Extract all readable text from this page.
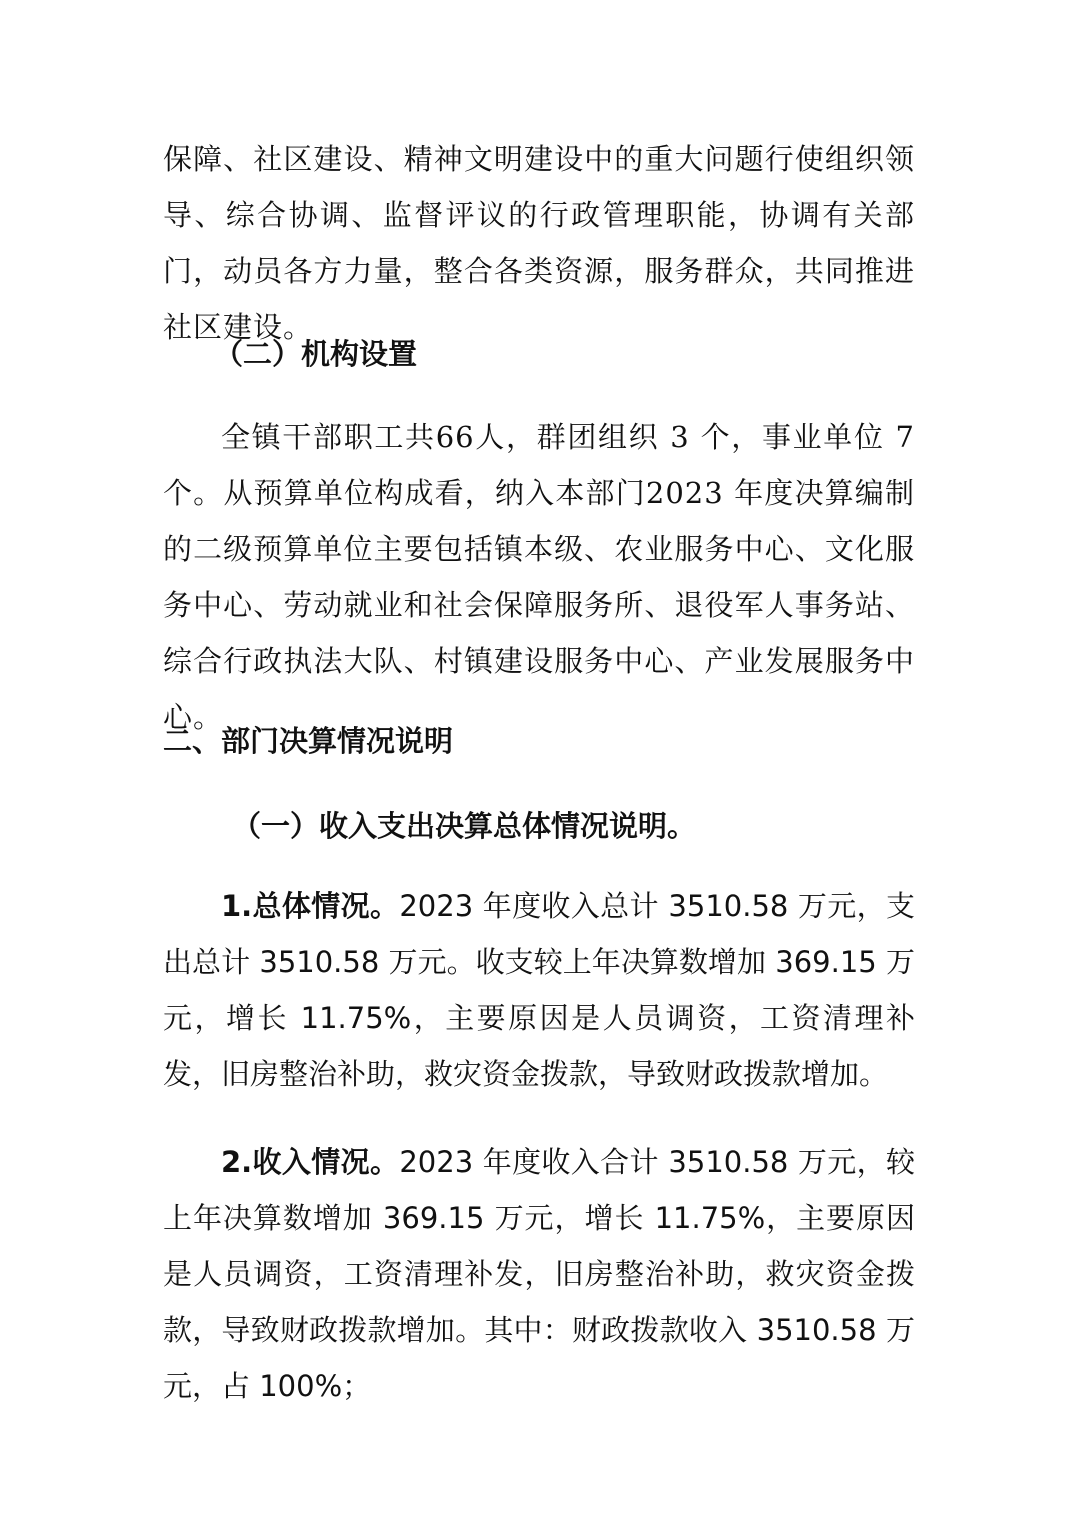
保障、社区建设、精神文明建设中的重大问题行使组织领导、综合协调、监督评议的行政管理职能，协调有关部门，动员各方力量，整合各类资源，服务群众，共同推进社区建设。

（二）机构设置

全镇干部职工共66人，群团组织 3 个，事业单位 7 个。从预算单位构成看，纳入本部门2023 年度决算编制的二级预算单位主要包括镇本级、农业服务中心、文化服务中心、劳动就业和社会保障服务所、退役军人事务站、综合行政执法大队、村镇建设服务中心、产业发展服务中心。

二、部门决算情况说明
（一）收入支出决算总体情况说明。

1.总体情况。2023 年度收入总计 3510.58 万元，支出总计 3510.58 万元。收支较上年决算数增加 369.15 万元，增长 11.75%，主要原因是人员调资，工资清理补发，旧房整治补助，救灾资金拨款，导致财政拨款增加。

2.收入情况。2023 年度收入合计 3510.58 万元，较上年决算数增加 369.15 万元，增长 11.75%，主要原因是人员调资，工资清理补发，旧房整治补助，救灾资金拨款，导致财政拨款增加。其中：财政拨款收入 3510.58 万元，占 100%；
